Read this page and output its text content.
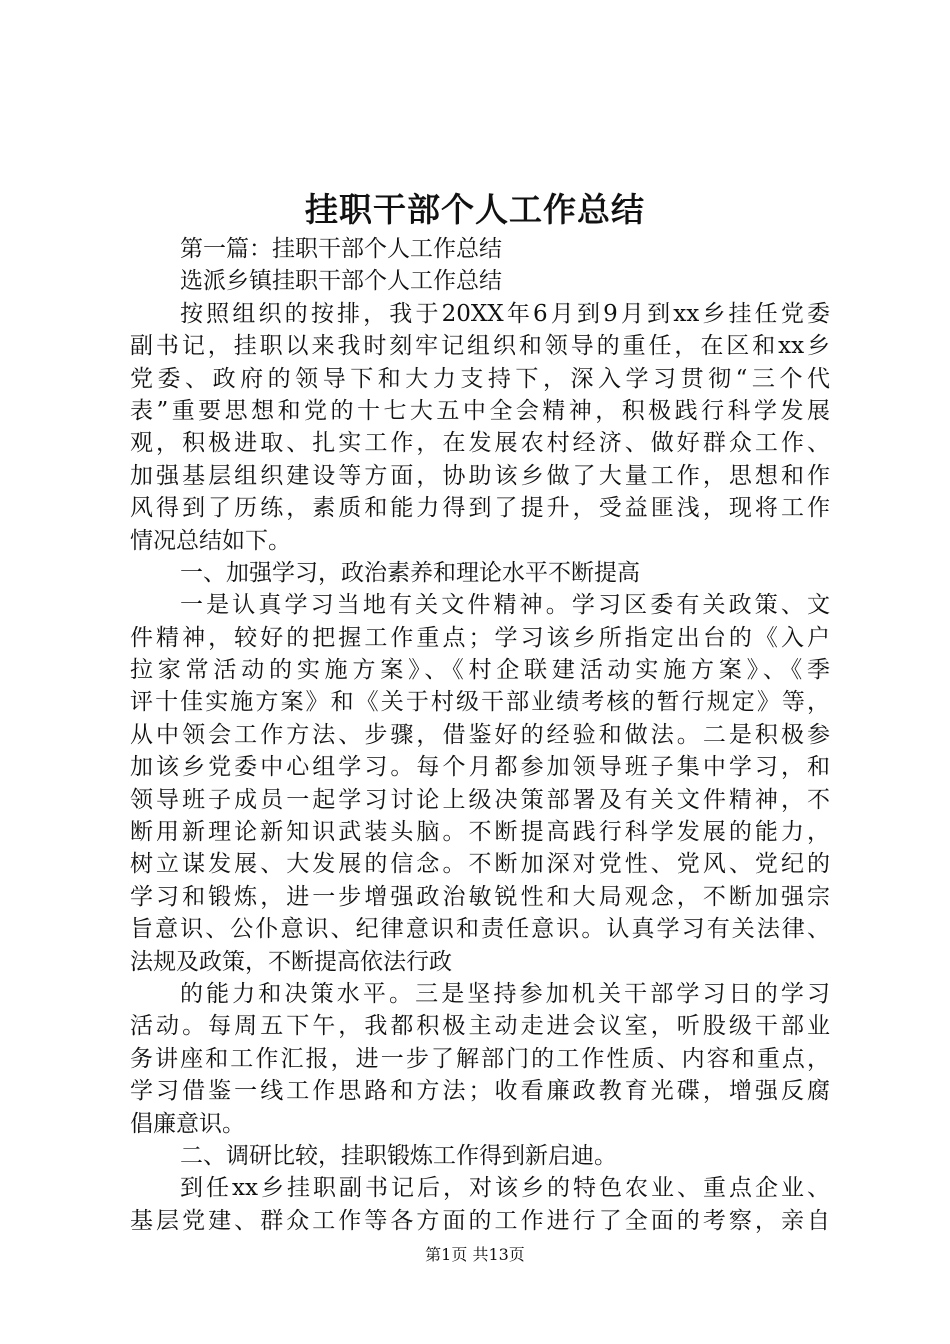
挂职干部个人工作总结
第一篇：挂职干部个人工作总结
选派乡镇挂职干部个人工作总结
按照组织的按排，我于20XX年6月到9月到xx乡挂任党委
副书记，挂职以来我时刻牢记组织和领导的重任，在区和xx乡
党委、政府的领导下和大力支持下，深入学习贯彻“三个代
表”重要思想和党的十七大五中全会精神，积极践行科学发展
观，积极进取、扎实工作，在发展农村经济、做好群众工作、
加强基层组织建设等方面，协助该乡做了大量工作，思想和作
风得到了历练，素质和能力得到了提升，受益匪浅，现将工作
情况总结如下。
一、加强学习，政治素养和理论水平不断提高
一是认真学习当地有关文件精神。学习区委有关政策、文
件精神，较好的把握工作重点；学习该乡所指定出台的《入户
拉家常活动的实施方案》、《村企联建活动实施方案》、《季
评十佳实施方案》和《关于村级干部业绩考核的暂行规定》等，
从中领会工作方法、步骤，借鉴好的经验和做法。二是积极参
加该乡党委中心组学习。每个月都参加领导班子集中学习，和
领导班子成员一起学习讨论上级决策部署及有关文件精神，不
断用新理论新知识武装头脑。不断提高践行科学发展的能力，
树立谋发展、大发展的信念。不断加深对党性、党风、党纪的
学习和锻炼，进一步增强政治敏锐性和大局观念，不断加强宗
旨意识、公仆意识、纪律意识和责任意识。认真学习有关法律、
法规及政策，不断提高依法行政
的能力和决策水平。三是坚持参加机关干部学习日的学习
活动。每周五下午，我都积极主动走进会议室，听股级干部业
务讲座和工作汇报，进一步了解部门的工作性质、内容和重点，
学习借鉴一线工作思路和方法；收看廉政教育光碟，增强反腐
倡廉意识。
二、调研比较，挂职锻炼工作得到新启迪。
到任xx乡挂职副书记后，对该乡的特色农业、重点企业、
基层党建、群众工作等各方面的工作进行了全面的考察，亲自
第1页 共13页
